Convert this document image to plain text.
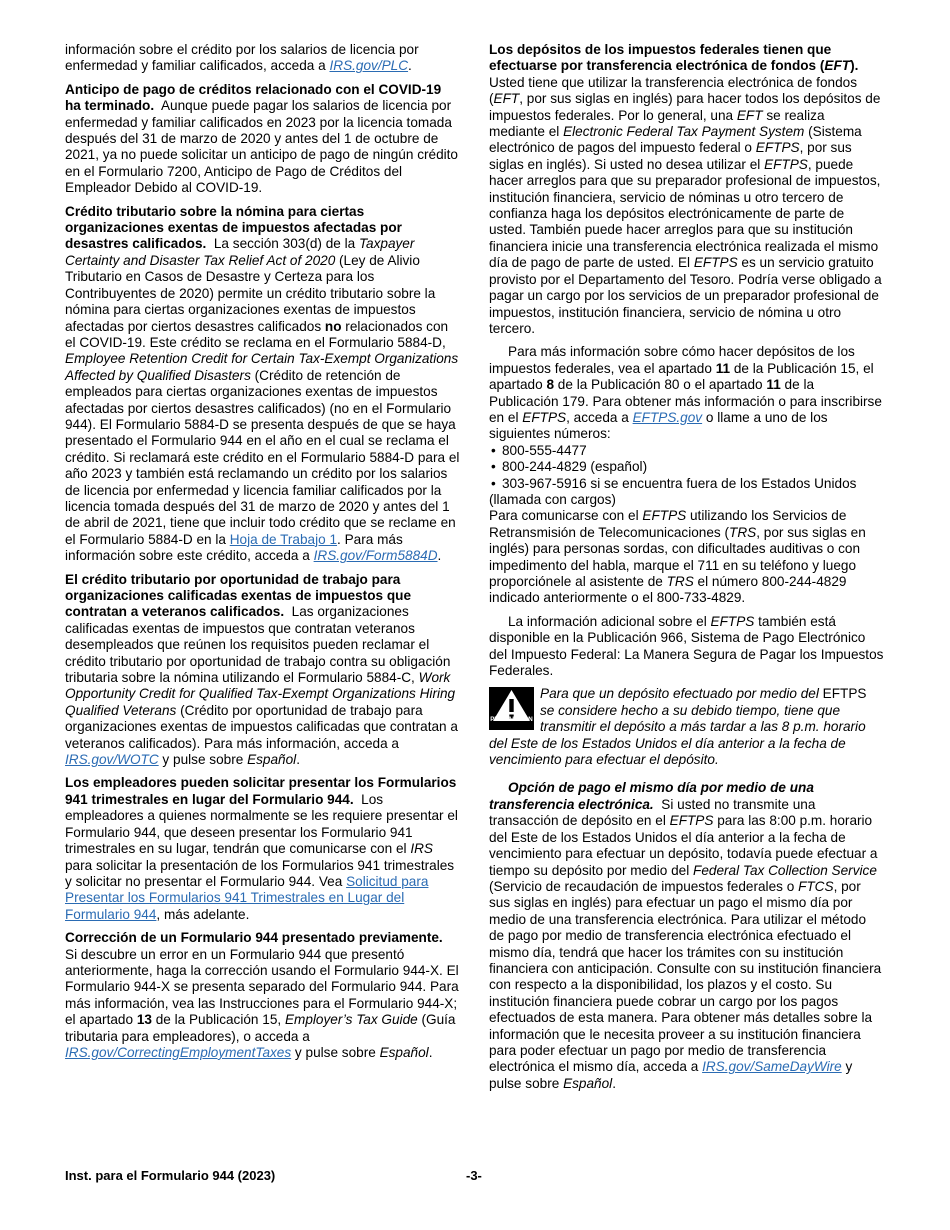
información sobre el crédito por los salarios de licencia por enfermedad y familiar calificados, acceda a IRS.gov/PLC.

Anticipo de pago de créditos relacionado con el COVID-19 ha terminado. Aunque puede pagar los salarios de licencia por enfermedad y familiar calificados en 2023 por la licencia tomada después del 31 de marzo de 2020 y antes del 1 de octubre de 2021, ya no puede solicitar un anticipo de pago de ningún crédito en el Formulario 7200, Anticipo de Pago de Créditos del Empleador Debido al COVID-19.

Crédito tributario sobre la nómina para ciertas organizaciones exentas de impuestos afectadas por desastres calificados. La sección 303(d) de la Taxpayer Certainty and Disaster Tax Relief Act of 2020 (Ley de Alivio Tributario en Casos de Desastre y Certeza para los Contribuyentes de 2020) permite un crédito tributario sobre la nómina para ciertas organizaciones exentas de impuestos afectadas por ciertos desastres calificados no relacionados con el COVID-19. Este crédito se reclama en el Formulario 5884-D, Employee Retention Credit for Certain Tax-Exempt Organizations Affected by Qualified Disasters (Crédito de retención de empleados para ciertas organizaciones exentas de impuestos afectadas por ciertos desastres calificados) (no en el Formulario 944). El Formulario 5884-D se presenta después de que se haya presentado el Formulario 944 en el año en el cual se reclama el crédito. Si reclamará este crédito en el Formulario 5884-D para el año 2023 y también está reclamando un crédito por los salarios de licencia por enfermedad y licencia familiar calificados por la licencia tomada después del 31 de marzo de 2020 y antes del 1 de abril de 2021, tiene que incluir todo crédito que se reclame en el Formulario 5884-D en la Hoja de Trabajo 1. Para más información sobre este crédito, acceda a IRS.gov/Form5884D.

El crédito tributario por oportunidad de trabajo para organizaciones calificadas exentas de impuestos que contratan a veteranos calificados. Las organizaciones calificadas exentas de impuestos que contratan veteranos desempleados que reúnen los requisitos pueden reclamar el crédito tributario por oportunidad de trabajo contra su obligación tributaria sobre la nómina utilizando el Formulario 5884-C, Work Opportunity Credit for Qualified Tax-Exempt Organizations Hiring Qualified Veterans (Crédito por oportunidad de trabajo para organizaciones exentas de impuestos calificadas que contratan a veteranos calificados). Para más información, acceda a IRS.gov/WOTC y pulse sobre Español.

Los empleadores pueden solicitar presentar los Formularios 941 trimestrales en lugar del Formulario 944. Los empleadores a quienes normalmente se les requiere presentar el Formulario 944, que deseen presentar los Formulario 941 trimestrales en su lugar, tendrán que comunicarse con el IRS para solicitar la presentación de los Formularios 941 trimestrales y solicitar no presentar el Formulario 944. Vea Solicitud para Presentar los Formularios 941 Trimestrales en Lugar del Formulario 944, más adelante.

Corrección de un Formulario 944 presentado previamente.  Si descubre un error en un Formulario 944 que presentó anteriormente, haga la corrección usando el Formulario 944-X. El Formulario 944-X se presenta separado del Formulario 944. Para más información, vea las Instrucciones para el Formulario 944-X; el apartado 13 de la Publicación 15, Employer’s Tax Guide (Guía tributaria para empleadores), o acceda a IRS.gov/CorrectingEmploymentTaxes y pulse sobre Español.

Los depósitos de los impuestos federales tienen que efectuarse por transferencia electrónica de fondos (EFT).  Usted tiene que utilizar la transferencia electrónica de fondos (EFT, por sus siglas en inglés) para hacer todos los depósitos de impuestos federales. Por lo general, una EFT se realiza mediante el Electronic Federal Tax Payment System (Sistema electrónico de pagos del impuesto federal o EFTPS, por sus siglas en inglés). Si usted no desea utilizar el EFTPS, puede hacer arreglos para que su preparador profesional de impuestos, institución financiera, servicio de nóminas u otro tercero de confianza haga los depósitos electrónicamente de parte de usted. También puede hacer arreglos para que su institución financiera inicie una transferencia electrónica realizada el mismo día de pago de parte de usted. El EFTPS es un servicio gratuito provisto por el Departamento del Tesoro. Podría verse obligado a pagar un cargo por los servicios de un preparador profesional de impuestos, institución financiera, servicio de nómina u otro tercero.

Para más información sobre cómo hacer depósitos de los impuestos federales, vea el apartado 11 de la Publicación 15, el apartado 8 de la Publicación 80 o el apartado 11 de la Publicación 179. Para obtener más información o para inscribirse en el EFTPS, acceda a EFTPS.gov o llame a uno de los siguientes números:

• 800-555-4477
• 800-244-4829 (español)
• 303-967-5916 si se encuentra fuera de los Estados Unidos (llamada con cargos)

Para comunicarse con el EFTPS utilizando los Servicios de Retransmisión de Telecomunicaciones (TRS, por sus siglas en inglés) para personas sordas, con dificultades auditivas o con impedimento del habla, marque el 711 en su teléfono y luego proporciónele al asistente de TRS el número 800-244-4829 indicado anteriormente o el 800-733-4829.

La información adicional sobre el EFTPS también está disponible en la Publicación 966, Sistema de Pago Electrónico del Impuesto Federal: La Manera Segura de Pagar los Impuestos Federales.

PRECAUCIÓN
Para que un depósito efectuado por medio del EFTPS se considere hecho a su debido tiempo, tiene que transmitir el depósito a más tardar a las 8 p.m. horario del Este de los Estados Unidos el día anterior a la fecha de vencimiento para efectuar el depósito.

Opción de pago el mismo día por medio de una transferencia electrónica. Si usted no transmite una transacción de depósito en el EFTPS para las 8:00 p.m. horario del Este de los Estados Unidos el día anterior a la fecha de vencimiento para efectuar un depósito, todavía puede efectuar a tiempo su depósito por medio del Federal Tax Collection Service (Servicio de recaudación de impuestos federales o FTCS, por sus siglas en inglés) para efectuar un pago el mismo día por medio de una transferencia electrónica. Para utilizar el método de pago por medio de transferencia electrónica efectuado el mismo día, tendrá que hacer los trámites con su institución financiera con anticipación. Consulte con su institución financiera con respecto a la disponibilidad, los plazos y el costo. Su institución financiera puede cobrar un cargo por los pagos efectuados de esta manera. Para obtener más detalles sobre la información que le necesita proveer a su institución financiera para poder efectuar un pago por medio de transferencia electrónica el mismo día, acceda a IRS.gov/SameDayWire y pulse sobre Español.

Inst. para el Formulario 944 (2023)	-3-
